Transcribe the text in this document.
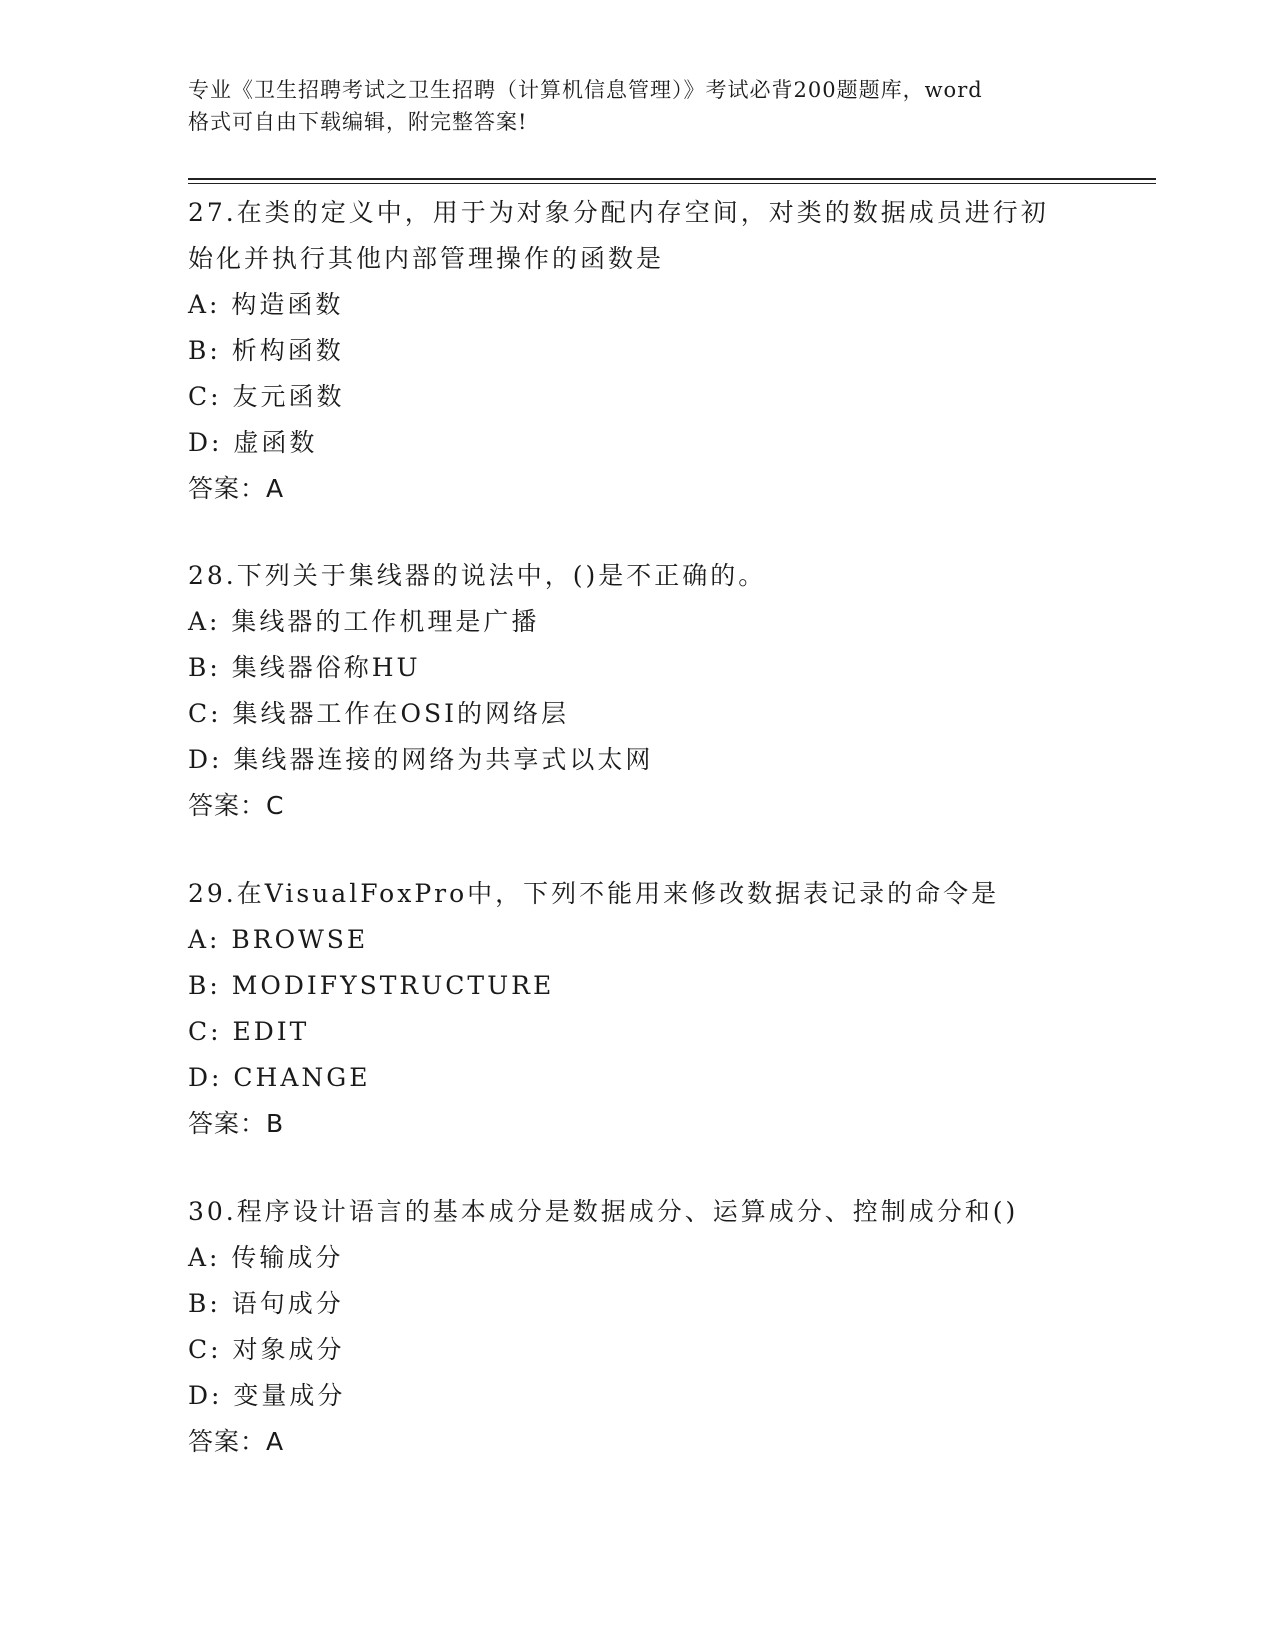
专业《卫生招聘考试之卫生招聘（计算机信息管理）》考试必背200题题库，word
格式可自由下载编辑，附完整答案!
27.在类的定义中，用于为对象分配内存空间，对类的数据成员进行初
始化并执行其他内部管理操作的函数是
A: 构造函数
B: 析构函数
C: 友元函数
D: 虚函数
答案：A
28.下列关于集线器的说法中，()是不正确的。
A: 集线器的工作机理是广播
B: 集线器俗称HU
C: 集线器工作在OSI的网络层
D: 集线器连接的网络为共享式以太网
答案：C
29.在VisualFoxPro中，下列不能用来修改数据表记录的命令是
A: BROWSE
B: MODIFYSTRUCTURE
C: EDIT
D: CHANGE
答案：B
30.程序设计语言的基本成分是数据成分、运算成分、控制成分和()
A: 传输成分
B: 语句成分
C: 对象成分
D: 变量成分
答案：A
